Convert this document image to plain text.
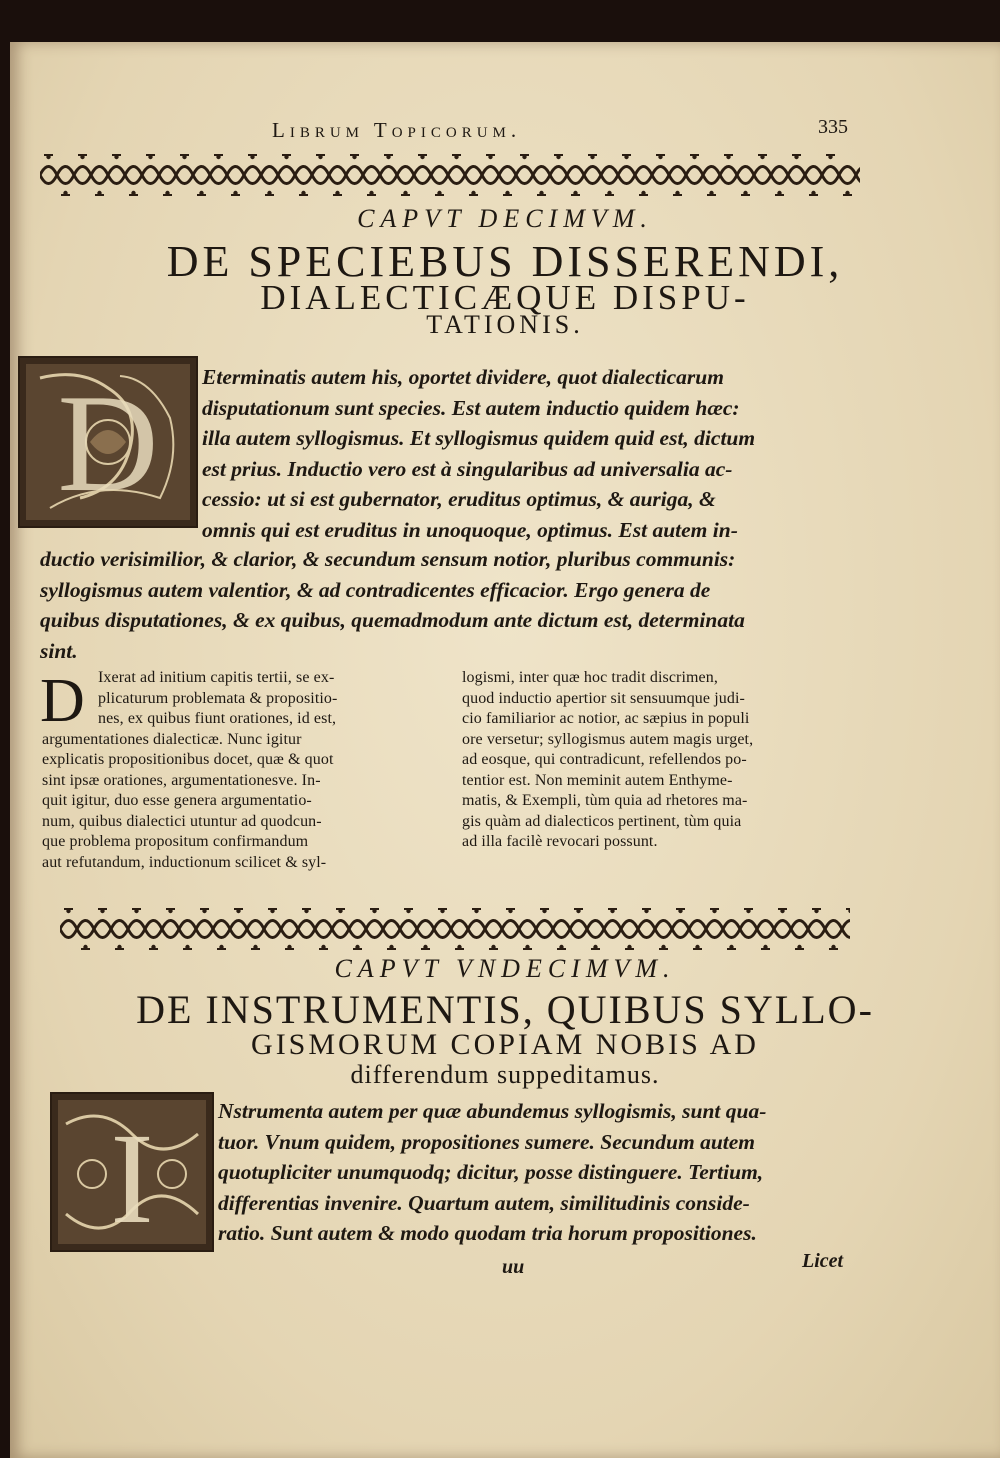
Librum Topicorum.	335
CAPVT DECIMVM.
DE SPECIEBUS DISSERENDI,
DIALECTICÆQUE DISPU-
TATIONIS.
D Eterminatis autem his, oportet dividere, quot dialecticarum
disputationum sunt species. Est autem inductio quidem hæc:
illa autem syllogismus. Et syllogismus quidem quid est, dictum
est prius. Inductio vero est à singularibus ad universalia ac-
cessio: ut si est gubernator, eruditus optimus, & auriga, &
omnis qui est eruditus in unoquoque, optimus. Est autem in-
ductio verisimilior, & clarior, & secundum sensum notior, pluribus communis:
syllogismus autem valentior, & ad contradicentes efficacior. Ergo genera de
quibus disputationes, & ex quibus, quemadmodum ante dictum est, determinata
sint.
D Ixerat ad initium capitis tertii, se ex-
plicaturum problemata & propositio-
nes, ex quibus fiunt orationes, id est,
argumentationes dialecticæ. Nunc igitur
explicatis propositionibus docet, quæ & quot
sint ipsæ orationes, argumentationesve. In-
quit igitur, duo esse genera argumentatio-
num, quibus dialectici utuntur ad quodcun-
que problema propositum confirmandum
aut refutandum, inductionum scilicet & syl-
logismi, inter quæ hoc tradit discrimen,
quod inductio apertior sit sensuumque judi-
cio familiarior ac notior, ac sæpius in populi
ore versetur; syllogismus autem magis urget,
ad eosque, qui contradicunt, refellendos po-
tentior est. Non meminit autem Enthyme-
matis, & Exempli, tùm quia ad rhetores ma-
gis quàm ad dialecticos pertinent, tùm quia
ad illa facilè revocari possunt.
CAPVT VNDECIMVM.
DE INSTRUMENTIS, QUIBUS SYLLO-
GISMORUM COPIAM NOBIS AD
differendum suppeditamus.
I	Nstrumenta autem per quæ abundemus syllogismis, sunt qua-
tuor. Vnum quidem, propositiones sumere. Secundum autem
quotupliciter unumquodq; dicitur, posse distinguere. Tertium,
differentias invenire. Quartum autem, similitudinis conside-
ratio. Sunt autem & modo quodam tria horum propositiones.
uu	Licet
